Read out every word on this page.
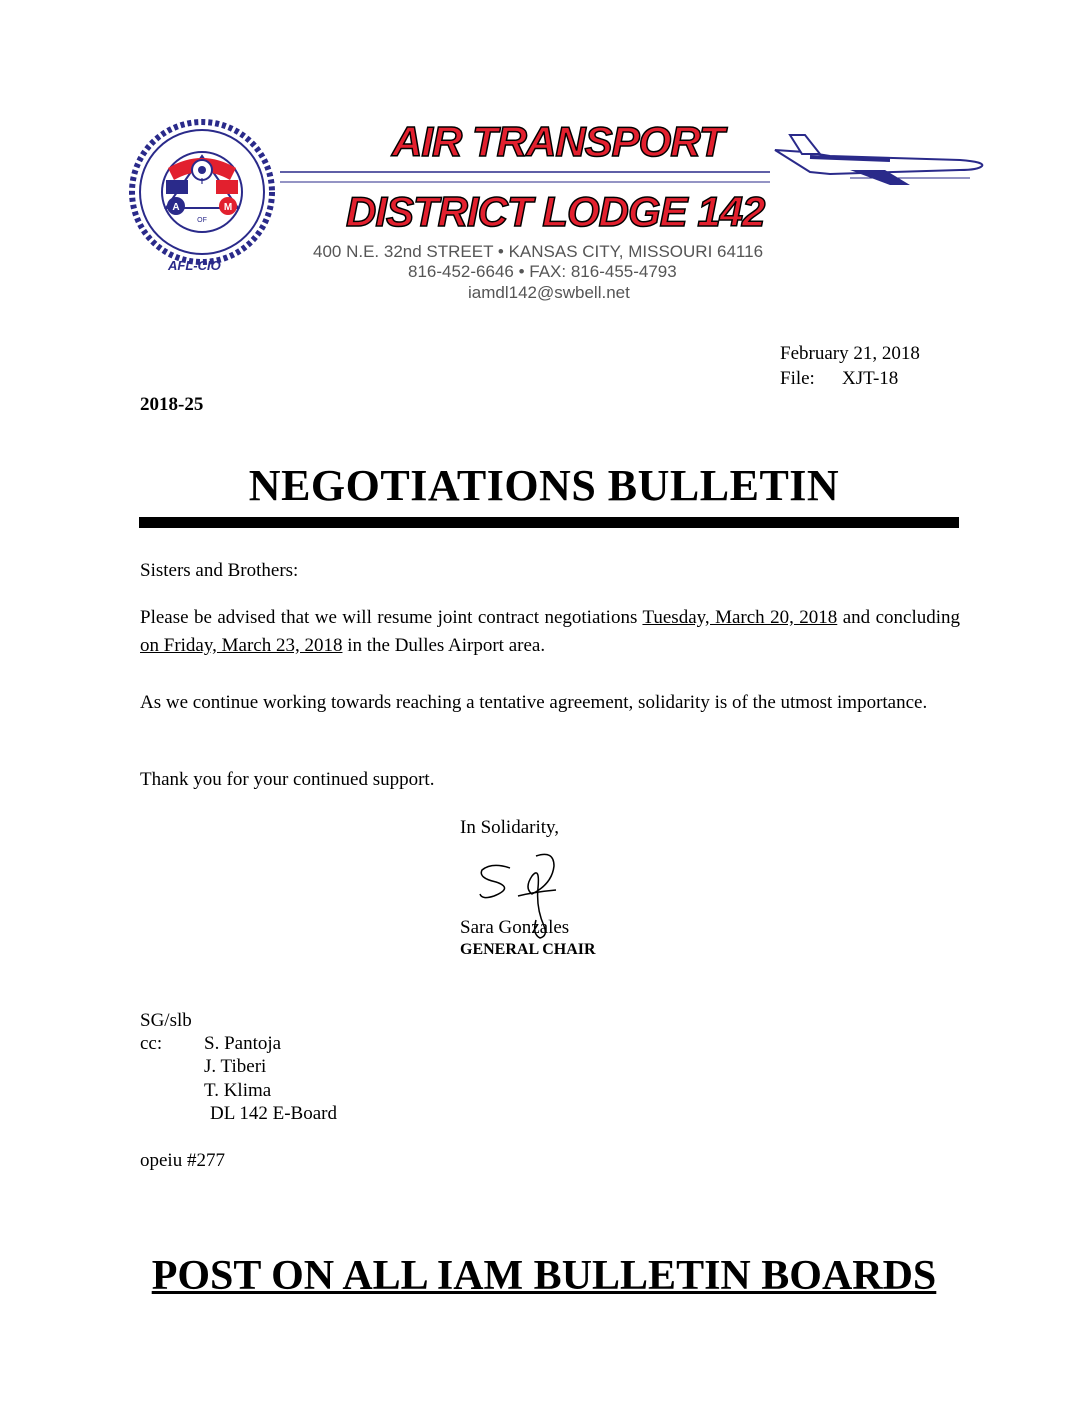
A	M
I
OF
AFL-CIO
AIR TRANSPORT
DISTRICT LODGE 142
400 N.E. 32nd STREET • KANSAS CITY, MISSOURI 64116
816-452-6646 • FAX: 816-455-4793
iamdl142@swbell.net
February 21, 2018
File: XJT-18
2018-25
NEGOTIATIONS BULLETIN
Sisters and Brothers:
Please be advised that we will resume joint contract negotiations Tuesday, March 20, 2018 and concluding on Friday, March 23, 2018 in the Dulles Airport area.
As we continue working towards reaching a tentative agreement, solidarity is of the utmost importance.
Thank you for your continued support.
In Solidarity,
Sara Gonzales
GENERAL CHAIR
SG/slb
cc: S. Pantoja
J. Tiberi
T. Klima
DL 142 E-Board
opeiu #277
POST ON ALL IAM BULLETIN BOARDS
